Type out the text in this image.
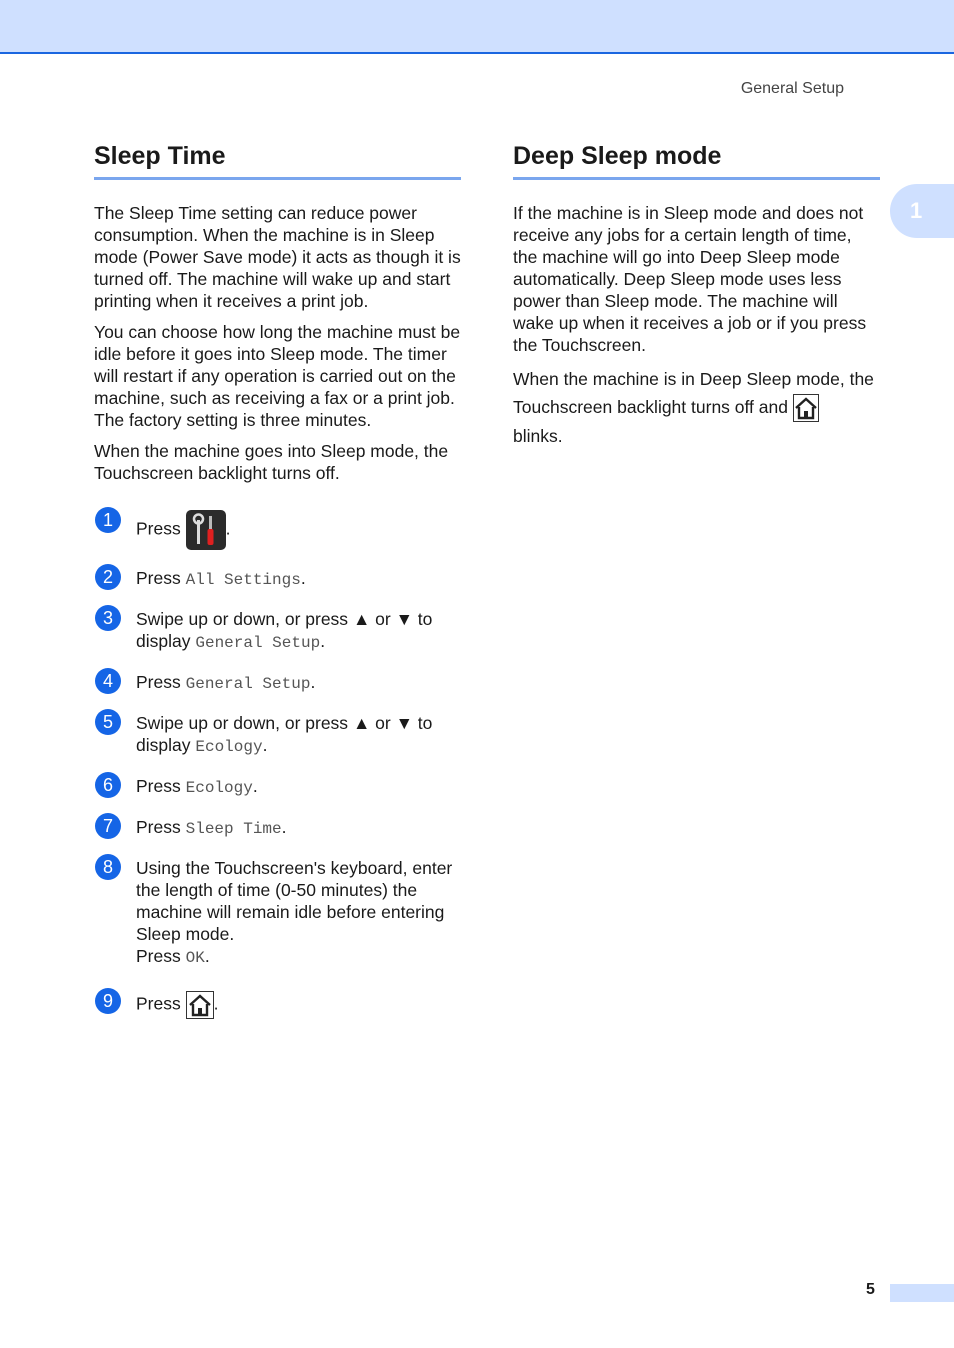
General Setup
1
Sleep Time

The Sleep Time setting can reduce power consumption. When the machine is in Sleep mode (Power Save mode) it acts as though it is turned off. The machine will wake up and start printing when it receives a print job.

You can choose how long the machine must be idle before it goes into Sleep mode. The timer will restart if any operation is carried out on the machine, such as receiving a fax or a print job. The factory setting is three minutes.

When the machine goes into Sleep mode, the Touchscreen backlight turns off.

1	Press	.
2	Press All Settings.
3	Swipe up or down, or press ▲ or ▼ to display General Setup.
4	Press General Setup.
5	Swipe up or down, or press ▲ or ▼ to display Ecology.
6	Press Ecology.
7	Press Sleep Time.
8	Using the Touchscreen's keyboard, enter the length of time (0-50 minutes) the machine will remain idle before entering Sleep mode.
Press OK.
9	Press .
Deep Sleep mode

If the machine is in Sleep mode and does not receive any jobs for a certain length of time, the machine will go into Deep Sleep mode automatically. Deep Sleep mode uses less power than Sleep mode. The machine will wake up when it receives a job or if you press the Touchscreen.

When the machine is in Deep Sleep mode, the Touchscreen backlight turns off and
blinks.

5
